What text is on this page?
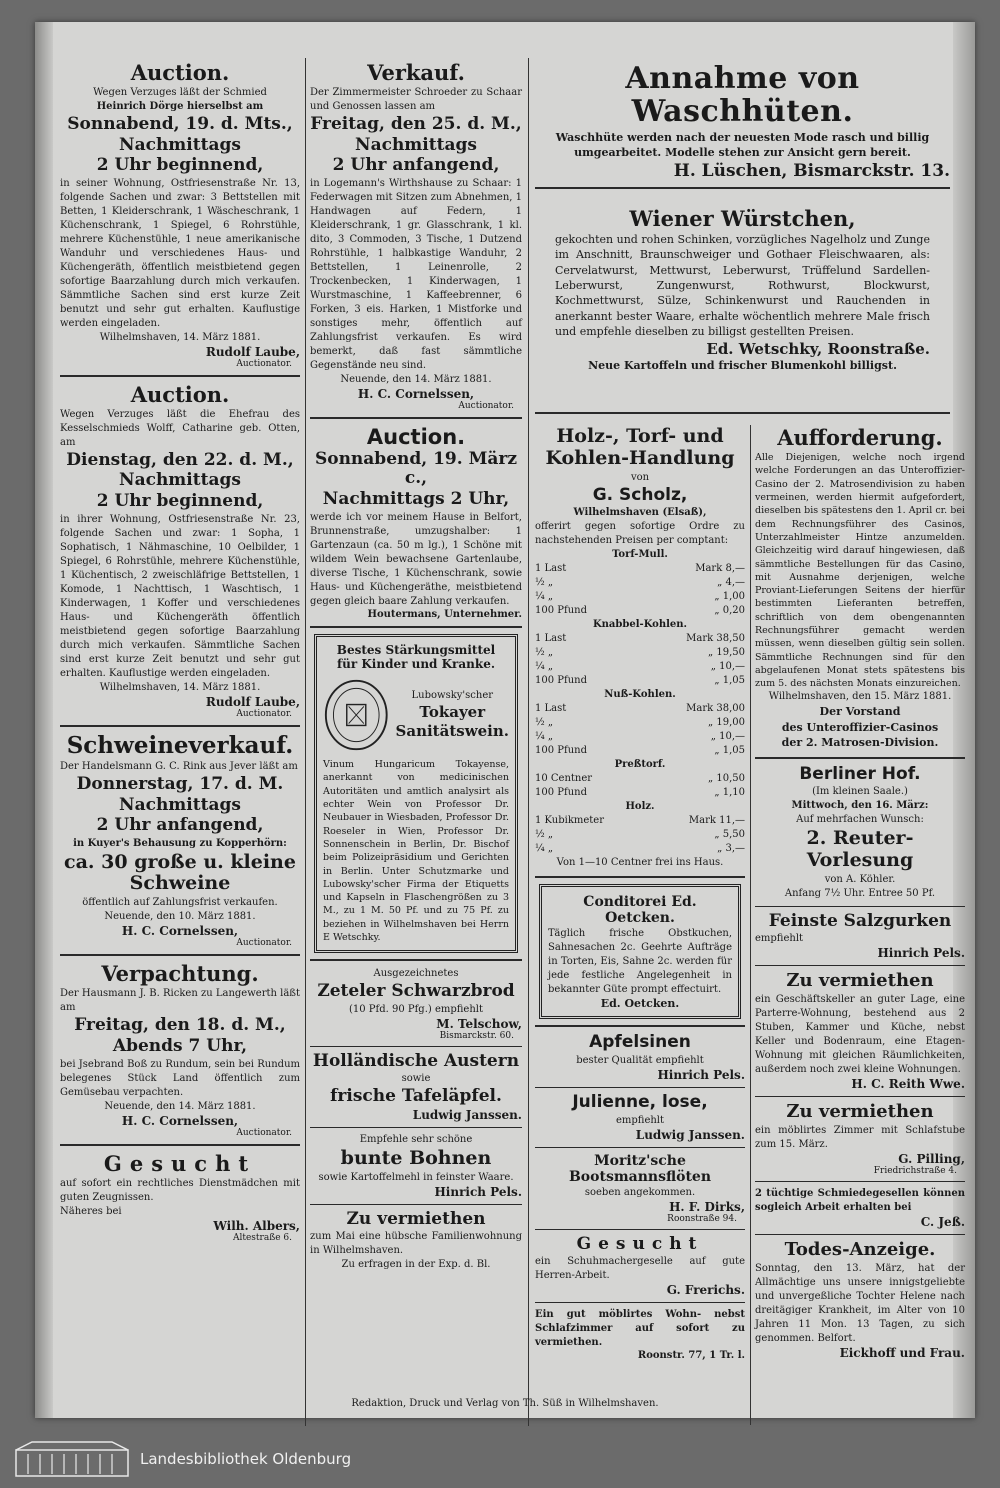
Auction.

Wegen Verzuges läßt der Schmied

Heinrich Dörge hierselbst am

Sonnabend, 19. d. Mts.,
Nachmittags
2 Uhr beginnend,

in seiner Wohnung, Ostfriesenstraße Nr. 13, folgende Sachen und zwar: 3 Bettstellen mit Betten, 1 Kleiderschrank, 1 Wäscheschrank, 1 Küchenschrank, 1 Spiegel, 6 Rohrstühle, mehrere Küchenstühle, 1 neue amerikanische Wanduhr und verschiedenes Haus- und Küchengeräth, öffentlich meistbietend gegen sofortige Baarzahlung durch mich verkaufen. Sämmtliche Sachen sind erst kurze Zeit benutzt und sehr gut erhalten. Kauflustige werden eingeladen.

Wilhelmshaven, 14. März 1881.

Rudolf Laube,

Auctionator.

Auction.

Wegen Verzuges läßt die Ehefrau des Kesselschmieds Wolff, Catharine geb. Otten, am

Dienstag, den 22. d. M.,
Nachmittags
2 Uhr beginnend,

in ihrer Wohnung, Ostfriesenstraße Nr. 23, folgende Sachen und zwar: 1 Sopha, 1 Sophatisch, 1 Nähmaschine, 10 Oelbilder, 1 Spiegel, 6 Rohrstühle, mehrere Küchenstühle, 1 Küchentisch, 2 zweischläfrige Bettstellen, 1 Komode, 1 Nachttisch, 1 Waschtisch, 1 Kinderwagen, 1 Koffer und verschiedenes Haus- und Küchengeräth öffentlich meistbietend gegen sofortige Baarzahlung durch mich verkaufen. Sämmtliche Sachen sind erst kurze Zeit benutzt und sehr gut erhalten. Kauflustige werden eingeladen.

Wilhelmshaven, 14. März 1881.

Rudolf Laube,

Auctionator.

Schweineverkauf.

Der Handelsmann G. C. Rink aus Jever läßt am

Donnerstag, 17. d. M.
Nachmittags
2 Uhr anfangend,

in Kuyer's Behausung zu Kopperhörn:

ca. 30 große u. kleine Schweine

öffentlich auf Zahlungsfrist verkaufen.

Neuende, den 10. März 1881.

H. C. Cornelssen,

Auctionator.

Verpachtung.

Der Hausmann J. B. Ricken zu Langewerth läßt am

Freitag, den 18. d. M.,
Abends 7 Uhr,

bei Jsebrand Boß zu Rundum, sein bei Rundum belegenes Stück Land öffentlich zum Gemüsebau verpachten.

Neuende, den 14. März 1881.

H. C. Cornelssen,

Auctionator.

Gesucht

auf sofort ein rechtliches Dienstmädchen mit guten Zeugnissen.

Näheres bei

Wilh. Albers,

Altestraße 6.

Verkauf.

Der Zimmermeister Schroeder zu Schaar und Genossen lassen am

Freitag, den 25. d. M.,
Nachmittags
2 Uhr anfangend,

in Logemann's Wirthshause zu Schaar: 1 Federwagen mit Sitzen zum Abnehmen, 1 Handwagen auf Federn, 1 Kleiderschrank, 1 gr. Glasschrank, 1 kl. dito, 3 Commoden, 3 Tische, 1 Dutzend Rohrstühle, 1 halbkastige Wanduhr, 2 Bettstellen, 1 Leinenrolle, 2 Trockenbecken, 1 Kinderwagen, 1 Wurstmaschine, 1 Kaffeebrenner, 6 Forken, 3 eis. Harken, 1 Mistforke und sonstiges mehr, öffentlich auf Zahlungsfrist verkaufen. Es wird bemerkt, daß fast sämmtliche Gegenstände neu sind.

Neuende, den 14. März 1881.

H. C. Cornelssen,

Auctionator.

Auction.
Sonnabend, 19. März c.,
Nachmittags 2 Uhr,

werde ich vor meinem Hause in Belfort, Brunnenstraße, umzugshalber: 1 Gartenzaun (ca. 50 m lg.), 1 Schöne mit wildem Wein bewachsene Gartenlaube, diverse Tische, 1 Küchenschrank, sowie Haus- und Küchengeräthe, meistbietend gegen gleich baare Zahlung verkaufen.

Houtermans, Unternehmer.

Bestes Stärkungsmittel
für Kinder und Kranke.
Lubowsky'scher
Tokayer
Sanitätswein.

Vinum Hungaricum Tokayense, anerkannt von medicinischen Autoritäten und amtlich analysirt als echter Wein von Professor Dr. Neubauer in Wiesbaden, Professor Dr. Roeseler in Wien, Professor Dr. Sonnenschein in Berlin, Dr. Bischof beim Polizeipräsidium und Gerichten in Berlin. Unter Schutzmarke und Lubowsky'scher Firma der Etiquetts und Kapseln in Flaschengrößen zu 3 M., zu 1 M. 50 Pf. und zu 75 Pf. zu beziehen in Wilhelmshaven bei Herrn E Wetschky.

Ausgezeichnetes

Zeteler Schwarzbrod

(10 Pfd. 90 Pfg.) empfiehlt

M. Telschow,

Bismarckstr. 60.

Holländische Austern

sowie

frische Tafeläpfel.

Ludwig Janssen.

Empfehle sehr schöne

bunte Bohnen

sowie Kartoffelmehl in feinster Waare.

Hinrich Pels.

Zu vermiethen

zum Mai eine hübsche Familienwohnung in Wilhelmshaven.

Zu erfragen in der Exp. d. Bl.

Annahme von Waschhüten.

Waschhüte werden nach der neuesten Mode rasch und billig umgearbeitet. Modelle stehen zur Ansicht gern bereit.

H. Lüschen, Bismarckstr. 13.

Wiener Würstchen,

gekochten und rohen Schinken, vorzügliches Nagelholz und Zunge im Anschnitt, Braunschweiger und Gothaer Fleischwaaren, als: Cervelatwurst, Mettwurst, Leberwurst, Trüffelund Sardellen-Leberwurst, Zungenwurst, Rothwurst, Blockwurst, Kochmettwurst, Sülze, Schinkenwurst und Rauchenden in anerkannt bester Waare, erhalte wöchentlich mehrere Male frisch und empfehle dieselben zu billigst gestellten Preisen.

Ed. Wetschky, Roonstraße.

Neue Kartoffeln und frischer Blumenkohl billigst.

Holz-, Torf- und Kohlen-Handlung

von

G. Scholz,

Wilhelmshaven (Elsaß),

offerirt gegen sofortige Ordre zu nachstehenden Preisen per comptant:

Torf-Mull.
1 Last	Mark 8,—
½ „	„ 4,—
¼ „	„ 1,00
100 Pfund	„ 0,20
Knabbel-Kohlen.
1 Last	Mark 38,50
½ „	„ 19,50
¼ „	„ 10,—
100 Pfund	„ 1,05
Nuß-Kohlen.
1 Last	Mark 38,00
½ „	„ 19,00
¼ „	„ 10,—
100 Pfund	„ 1,05
Preßtorf.
10 Centner	„ 10,50
100 Pfund	„ 1,10
Holz.
1 Kubikmeter	Mark 11,—
½ „	„ 5,50
¼ „	„ 3,—

Von 1—10 Centner frei ins Haus.

Conditorei Ed. Oetcken.

Täglich frische Obstkuchen, Sahnesachen 2c. Geehrte Aufträge in Torten, Eis, Sahne 2c. werden für jede festliche Angelegenheit in bekannter Güte prompt effectuirt.

Ed. Oetcken.

Apfelsinen

bester Qualität empfiehlt

Hinrich Pels.

Julienne, lose,

empfiehlt

Ludwig Janssen.

Moritz'sche Bootsmannsflöten

soeben angekommen.

H. F. Dirks,

Roonstraße 94.

Gesucht

ein Schuhmachergeselle auf gute Herren-Arbeit.

G. Frerichs.

Ein gut möblirtes Wohn- nebst Schlafzimmer auf sofort zu vermiethen.

Roonstr. 77, 1 Tr. l.

Aufforderung.

Alle Diejenigen, welche noch irgend welche Forderungen an das Unteroffizier-Casino der 2. Matrosendivision zu haben vermeinen, werden hiermit aufgefordert, dieselben bis spätestens den 1. April cr. bei dem Rechnungsführer des Casinos, Unterzahlmeister Hintze anzumelden. Gleichzeitig wird darauf hingewiesen, daß sämmtliche Bestellungen für das Casino, mit Ausnahme derjenigen, welche Proviant-Lieferungen Seitens der hierfür bestimmten Lieferanten betreffen, schriftlich von dem obengenannten Rechnungsführer gemacht werden müssen, wenn dieselben gültig sein sollen. Sämmtliche Rechnungen sind für den abgelaufenen Monat stets spätestens bis zum 5. des nächsten Monats einzureichen.

Wilhelmshaven, den 15. März 1881.

Der Vorstand

des Unteroffizier-Casinos

der 2. Matrosen-Division.

Berliner Hof.

(Im kleinen Saale.)

Mittwoch, den 16. März:

Auf mehrfachen Wunsch:

2. Reuter-Vorlesung

von A. Köhler.

Anfang 7½ Uhr. Entree 50 Pf.

Feinste Salzgurken

empfiehlt

Hinrich Pels.

Zu vermiethen

ein Geschäftskeller an guter Lage, eine Parterre-Wohnung, bestehend aus 2 Stuben, Kammer und Küche, nebst Keller und Bodenraum, eine Etagen-Wohnung mit gleichen Räumlichkeiten, außerdem noch zwei kleine Wohnungen.

H. C. Reith Wwe.

Zu vermiethen

ein möblirtes Zimmer mit Schlafstube zum 15. März.

G. Pilling,

Friedrichstraße 4.

2 tüchtige Schmiedegesellen können sogleich Arbeit erhalten bei

C. Jeß.

Todes-Anzeige.

Sonntag, den 13. März, hat der Allmächtige uns unsere innigstgeliebte und unvergeßliche Tochter Helene nach dreitägiger Krankheit, im Alter von 10 Jahren 11 Mon. 13 Tagen, zu sich genommen. Belfort.

Eickhoff und Frau.

Redaktion, Druck und Verlag von Th. Süß in Wilhelmshaven.
Landesbibliothek Oldenburg
